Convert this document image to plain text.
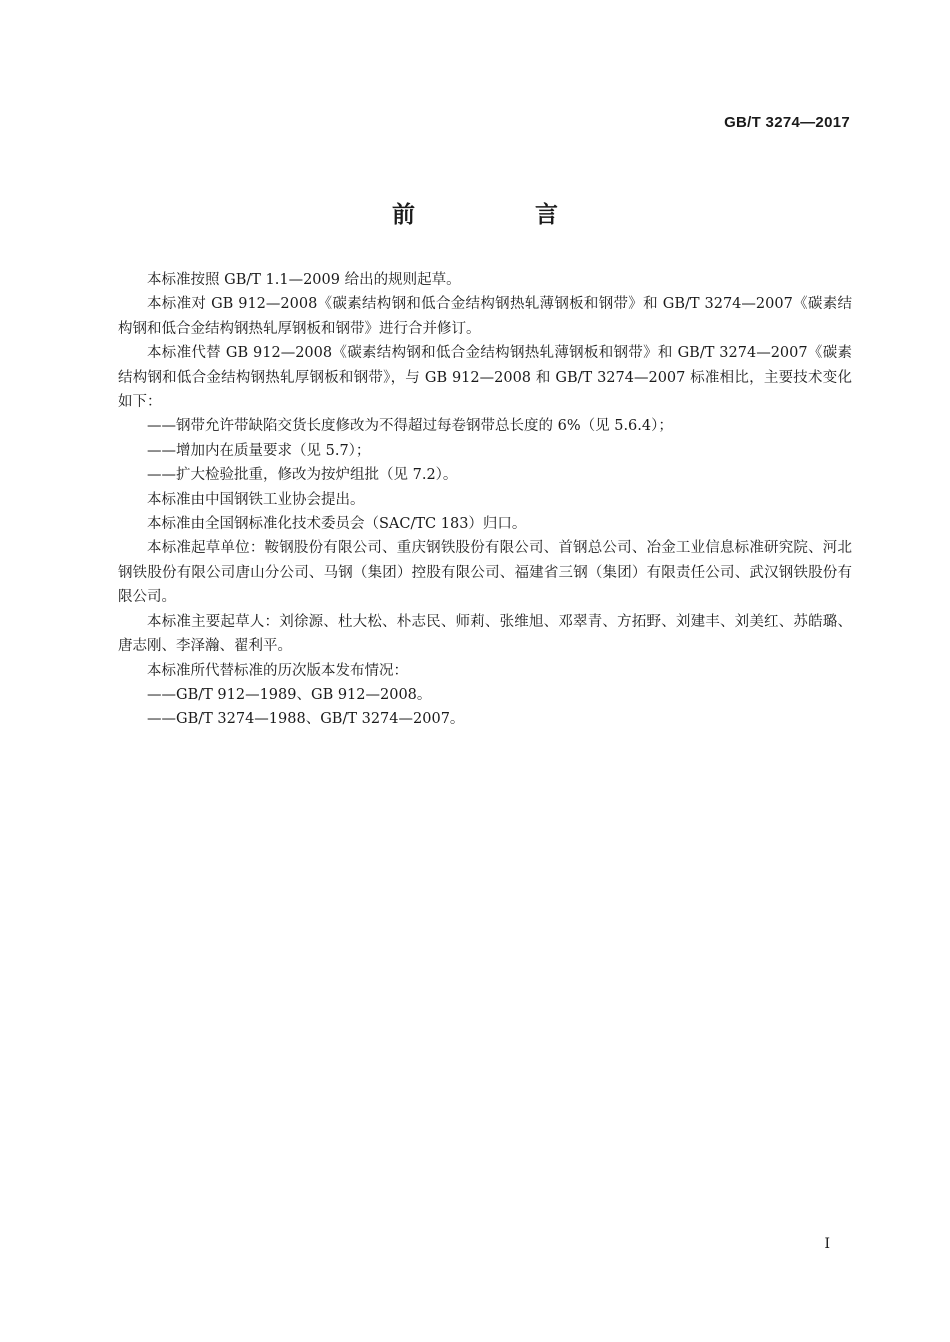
GB/T 3274—2017
前 言

本标准按照 GB/T 1.1—2009 给出的规则起草。

本标准对 GB 912—2008《碳素结构钢和低合金结构钢热轧薄钢板和钢带》和 GB/T 3274—2007《碳素结构钢和低合金结构钢热轧厚钢板和钢带》进行合并修订。

本标准代替 GB 912—2008《碳素结构钢和低合金结构钢热轧薄钢板和钢带》和 GB/T 3274—2007《碳素结构钢和低合金结构钢热轧厚钢板和钢带》，与 GB 912—2008 和 GB/T 3274—2007 标准相比，主要技术变化如下：

——钢带允许带缺陷交货长度修改为不得超过每卷钢带总长度的 6%（见 5.6.4）；

——增加内在质量要求（见 5.7）；

——扩大检验批重，修改为按炉组批（见 7.2）。

本标准由中国钢铁工业协会提出。

本标准由全国钢标准化技术委员会（SAC/TC 183）归口。

本标准起草单位：鞍钢股份有限公司、重庆钢铁股份有限公司、首钢总公司、冶金工业信息标准研究院、河北钢铁股份有限公司唐山分公司、马钢（集团）控股有限公司、福建省三钢（集团）有限责任公司、武汉钢铁股份有限公司。

本标准主要起草人：刘徐源、杜大松、朴志民、师莉、张维旭、邓翠青、方拓野、刘建丰、刘美红、苏皓璐、唐志刚、李泽瀚、翟利平。

本标准所代替标准的历次版本发布情况：

——GB/T 912—1989、GB 912—2008。

——GB/T 3274—1988、GB/T 3274—2007。

I
